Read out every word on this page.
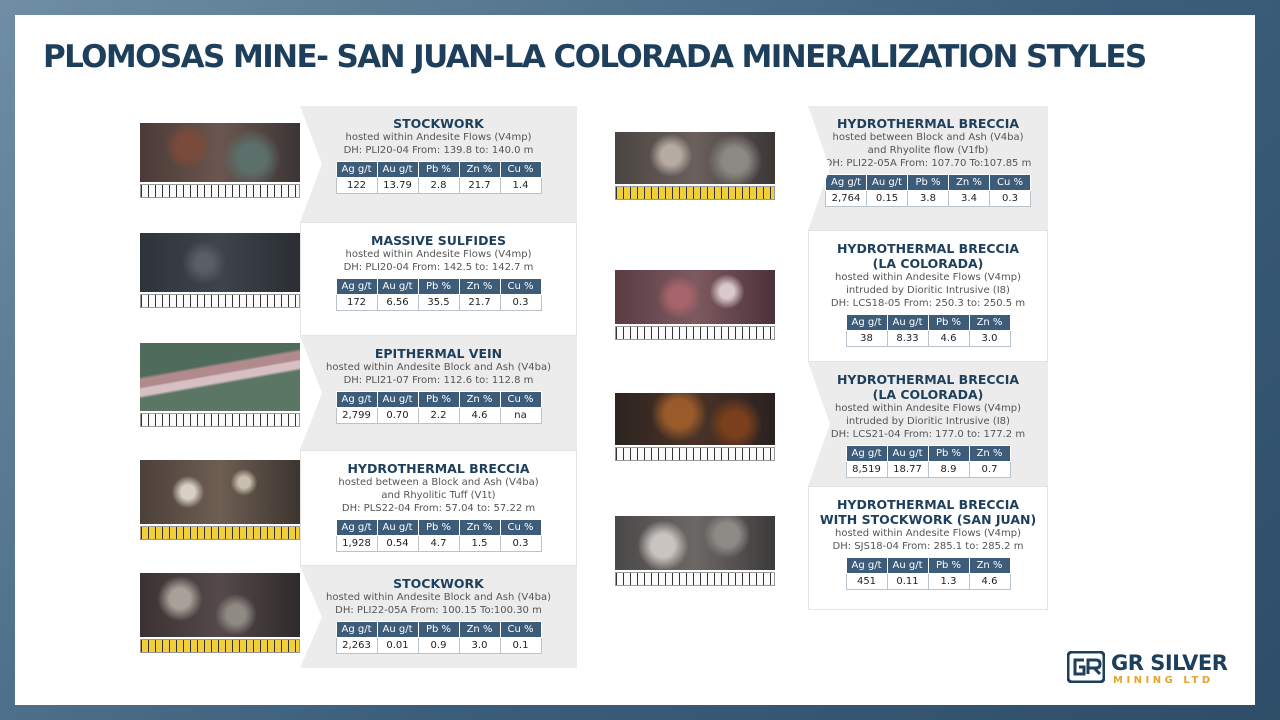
PLOMOSAS MINE- SAN JUAN-LA COLORADA MINERALIZATION STYLES
STOCKWORK
hosted within Andesite Flows (V4mp)
DH: PLI20-04 From: 139.8 to: 140.0 m
Ag g/t	Au g/t	Pb %	Zn %	Cu %
122	13.79	2.8	21.7	1.4
MASSIVE SULFIDES
hosted within Andesite Flows (V4mp)
DH: PLI20-04 From: 142.5 to: 142.7 m
Ag g/t	Au g/t	Pb %	Zn %	Cu %
172	6.56	35.5	21.7	0.3
EPITHERMAL VEIN
hosted within Andesite Block and Ash (V4ba)
DH: PLI21-07 From: 112.6 to: 112.8 m
Ag g/t	Au g/t	Pb %	Zn %	Cu %
2,799	0.70	2.2	4.6	na
HYDROTHERMAL BRECCIA
hosted between a Block and Ash (V4ba)
and Rhyolitic Tuff (V1t)
DH: PLS22-04 From: 57.04 to: 57.22 m
Ag g/t	Au g/t	Pb %	Zn %	Cu %
1,928	0.54	4.7	1.5	0.3
STOCKWORK
hosted within Andesite Block and Ash (V4ba)
DH: PLI22-05A From: 100.15 To:100.30 m
Ag g/t	Au g/t	Pb %	Zn %	Cu %
2,263	0.01	0.9	3.0	0.1
HYDROTHERMAL BRECCIA
hosted between Block and Ash (V4ba)
and Rhyolite flow (V1fb)
DH: PLI22-05A From: 107.70 To:107.85 m
Ag g/t	Au g/t	Pb %	Zn %	Cu %
2,764	0.15	3.8	3.4	0.3
HYDROTHERMAL BRECCIA
(LA COLORADA)
hosted within Andesite Flows (V4mp)
intruded by Dioritic Intrusive (I8)
DH: LCS18-05 From: 250.3 to: 250.5 m
Ag g/t	Au g/t	Pb %	Zn %
38	8.33	4.6	3.0
HYDROTHERMAL BRECCIA
(LA COLORADA)
hosted within Andesite Flows (V4mp)
intruded by Dioritic Intrusive (I8)
DH: LCS21-04 From: 177.0 to: 177.2 m
Ag g/t	Au g/t	Pb %	Zn %
8,519	18.77	8.9	0.7
HYDROTHERMAL BRECCIA
WITH STOCKWORK (SAN JUAN)
hosted within Andesite Flows (V4mp)
DH: SJS18-04 From: 285.1 to: 285.2 m
Ag g/t	Au g/t	Pb %	Zn %
451	0.11	1.3	4.6
GR SILVER
MINING LTD
